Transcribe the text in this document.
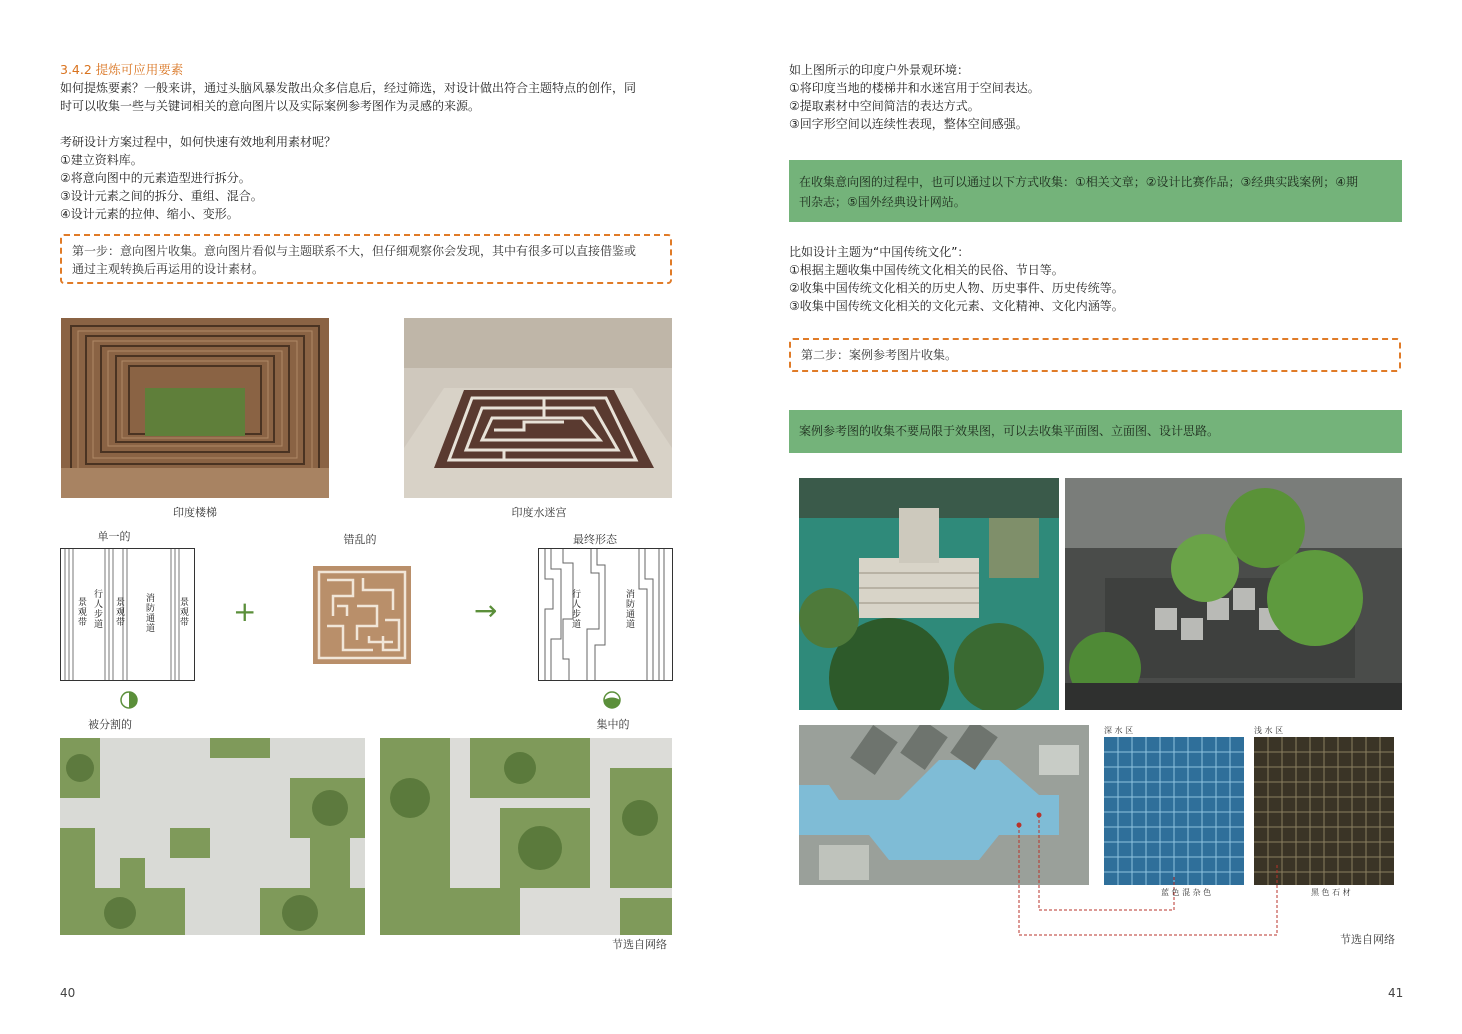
3.4.2 提炼可应用要素
如何提炼要素？一般来讲，通过头脑风暴发散出众多信息后，经过筛选，对设计做出符合主题特点的创作，同
时可以收集一些与关键词相关的意向图片以及实际案例参考图作为灵感的来源。
考研设计方案过程中，如何快速有效地利用素材呢？
①建立资料库。
②将意向图中的元素造型进行拆分。
③设计元素之间的拆分、重组、混合。
④设计元素的拉伸、缩小、变形。
第一步：意向图片收集。意向图片看似与主题联系不大，但仔细观察你会发现，其中有很多可以直接借鉴或
通过主观转换后再运用的设计素材。
印度楼梯	印度水迷宫
单一的	错乱的	最终形态
景观带 行人步道 景观带 消防通道	景观带 +	→	行人步道	消防通道
被分割的	集中的
节选自网络
40
如上图所示的印度户外景观环境：
①将印度当地的楼梯井和水迷宫用于空间表达。
②提取素材中空间简洁的表达方式。
③回字形空间以连续性表现，整体空间感强。
在收集意向图的过程中，也可以通过以下方式收集：①相关文章；②设计比赛作品；③经典实践案例；④期
刊杂志；⑤国外经典设计网站。
比如设计主题为“中国传统文化”：
①根据主题收集中国传统文化相关的民俗、节日等。
②收集中国传统文化相关的历史人物、历史事件、历史传统等。
③收集中国传统文化相关的文化元素、文化精神、文化内涵等。
第二步：案例参考图片收集。
案例参考图的收集不要局限于效果图，可以去收集平面图、立面图、设计思路。
深 水 区	浅 水 区
蓝 色 混 杂 色	黑 色 石 材
节选自网络
41
